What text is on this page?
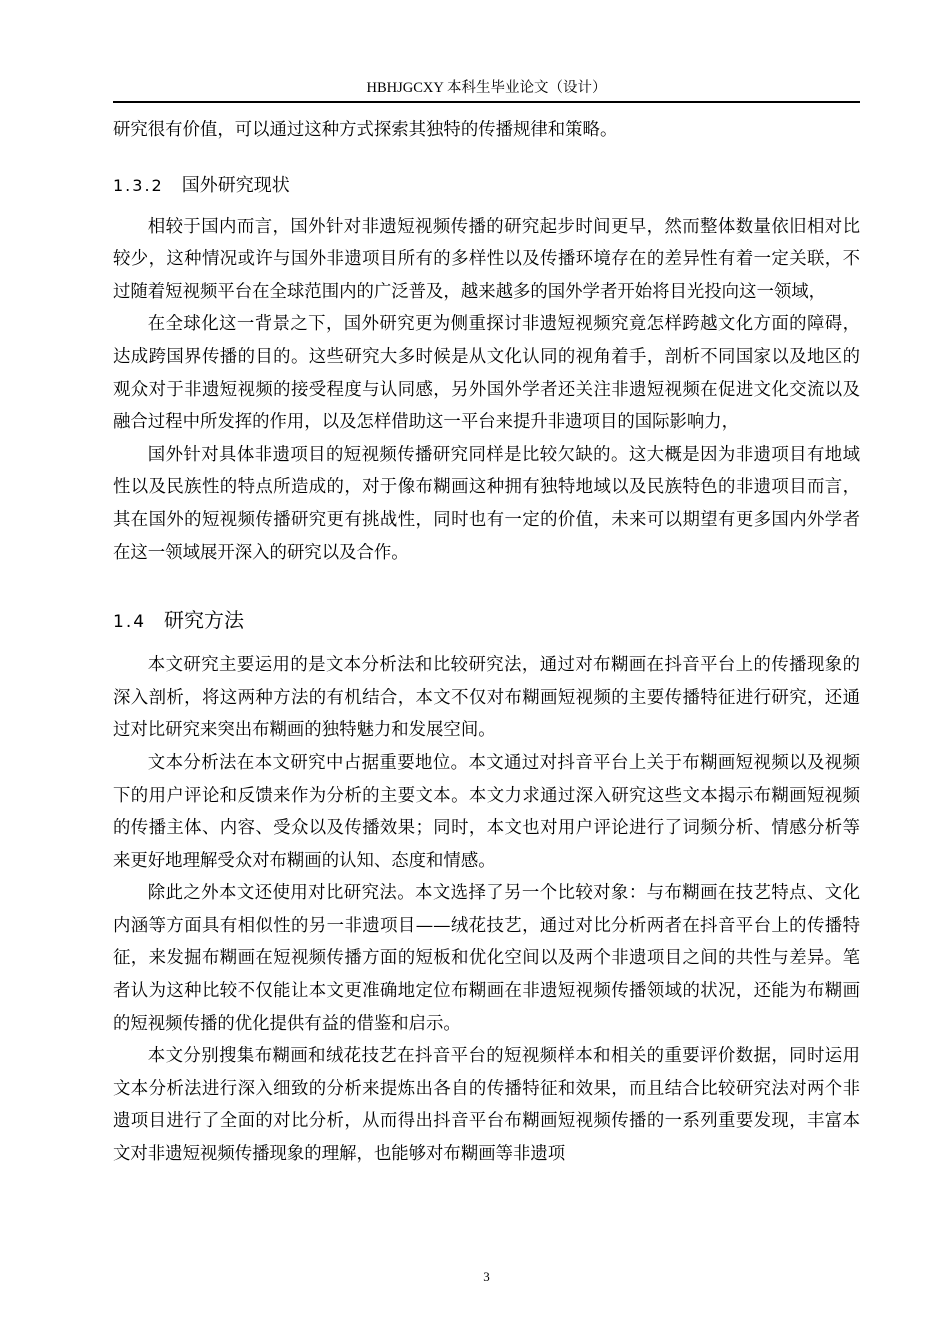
HBHJGCXY 本科生毕业论文（设计）

研究很有价值，可以通过这种方式探索其独特的传播规律和策略。

1.3.2 国外研究现状

相较于国内而言，国外针对非遗短视频传播的研究起步时间更早，然而整体数量依旧相对比较少，这种情况或许与国外非遗项目所有的多样性以及传播环境存在的差异性有着一定关联，不过随着短视频平台在全球范围内的广泛普及，越来越多的国外学者开始将目光投向这一领域，

在全球化这一背景之下，国外研究更为侧重探讨非遗短视频究竟怎样跨越文化方面的障碍，达成跨国界传播的目的。这些研究大多时候是从文化认同的视角着手，剖析不同国家以及地区的观众对于非遗短视频的接受程度与认同感，另外国外学者还关注非遗短视频在促进文化交流以及融合过程中所发挥的作用，以及怎样借助这一平台来提升非遗项目的国际影响力，

国外针对具体非遗项目的短视频传播研究同样是比较欠缺的。这大概是因为非遗项目有地域性以及民族性的特点所造成的，对于像布糊画这种拥有独特地域以及民族特色的非遗项目而言，其在国外的短视频传播研究更有挑战性，同时也有一定的价值，未来可以期望有更多国内外学者在这一领域展开深入的研究以及合作。

1.4 研究方法

本文研究主要运用的是文本分析法和比较研究法，通过对布糊画在抖音平台上的传播现象的深入剖析，将这两种方法的有机结合，本文不仅对布糊画短视频的主要传播特征进行研究，还通过对比研究来突出布糊画的独特魅力和发展空间。

文本分析法在本文研究中占据重要地位。本文通过对抖音平台上关于布糊画短视频以及视频下的用户评论和反馈来作为分析的主要文本。本文力求通过深入研究这些文本揭示布糊画短视频的传播主体、内容、受众以及传播效果；同时，本文也对用户评论进行了词频分析、情感分析等来更好地理解受众对布糊画的认知、态度和情感。

除此之外本文还使用对比研究法。本文选择了另一个比较对象：与布糊画在技艺特点、文化内涵等方面具有相似性的另一非遗项目——绒花技艺，通过对比分析两者在抖音平台上的传播特征，来发掘布糊画在短视频传播方面的短板和优化空间以及两个非遗项目之间的共性与差异。笔者认为这种比较不仅能让本文更准确地定位布糊画在非遗短视频传播领域的状况，还能为布糊画的短视频传播的优化提供有益的借鉴和启示。

本文分别搜集布糊画和绒花技艺在抖音平台的短视频样本和相关的重要评价数据，同时运用文本分析法进行深入细致的分析来提炼出各自的传播特征和效果，而且结合比较研究法对两个非遗项目进行了全面的对比分析，从而得出抖音平台布糊画短视频传播的一系列重要发现，丰富本文对非遗短视频传播现象的理解，也能够对布糊画等非遗项

3
